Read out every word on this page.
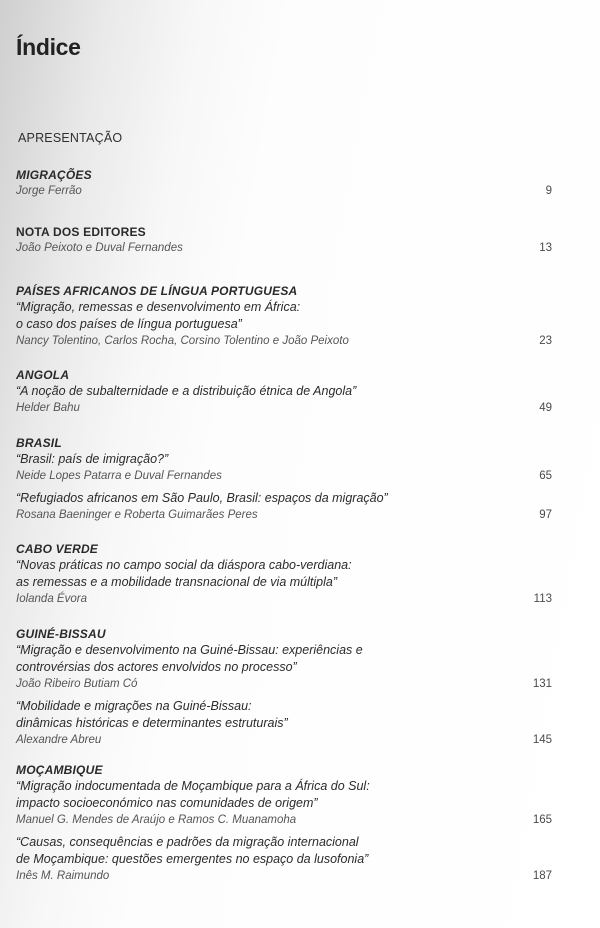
Índice
APRESENTAÇÃO
MIGRAÇÕES
Jorge Ferrão	9
NOTA DOS EDITORES
João Peixoto e Duval Fernandes	13
PAÍSES AFRICANOS DE LÍNGUA PORTUGUESA
“Migração, remessas e desenvolvimento em África:
o caso dos países de língua portuguesa”
Nancy Tolentino, Carlos Rocha, Corsino Tolentino e João Peixoto	23
ANGOLA
“A noção de subalternidade e a distribuição étnica de Angola”
Helder Bahu	49
BRASIL
“Brasil: país de imigração?”
Neide Lopes Patarra e Duval Fernandes	65
“Refugiados africanos em São Paulo, Brasil: espaços da migração”
Rosana Baeninger e Roberta Guimarães Peres	97
CABO VERDE
“Novas práticas no campo social da diáspora cabo-verdiana:
as remessas e a mobilidade transnacional de via múltipla”
Iolanda Évora	113
GUINÉ-BISSAU
“Migração e desenvolvimento na Guiné-Bissau: experiências e
controvérsias dos actores envolvidos no processo”
João Ribeiro Butiam Có	131
“Mobilidade e migrações na Guiné-Bissau:
dinâmicas históricas e determinantes estruturais”
Alexandre Abreu	145
MOÇAMBIQUE
“Migração indocumentada de Moçambique para a África do Sul:
impacto socioeconómico nas comunidades de origem”
Manuel G. Mendes de Araújo e Ramos C. Muanamoha	165
“Causas, consequências e padrões da migração internacional
de Moçambique: questões emergentes no espaço da lusofonia”
Inês M. Raimundo	187
